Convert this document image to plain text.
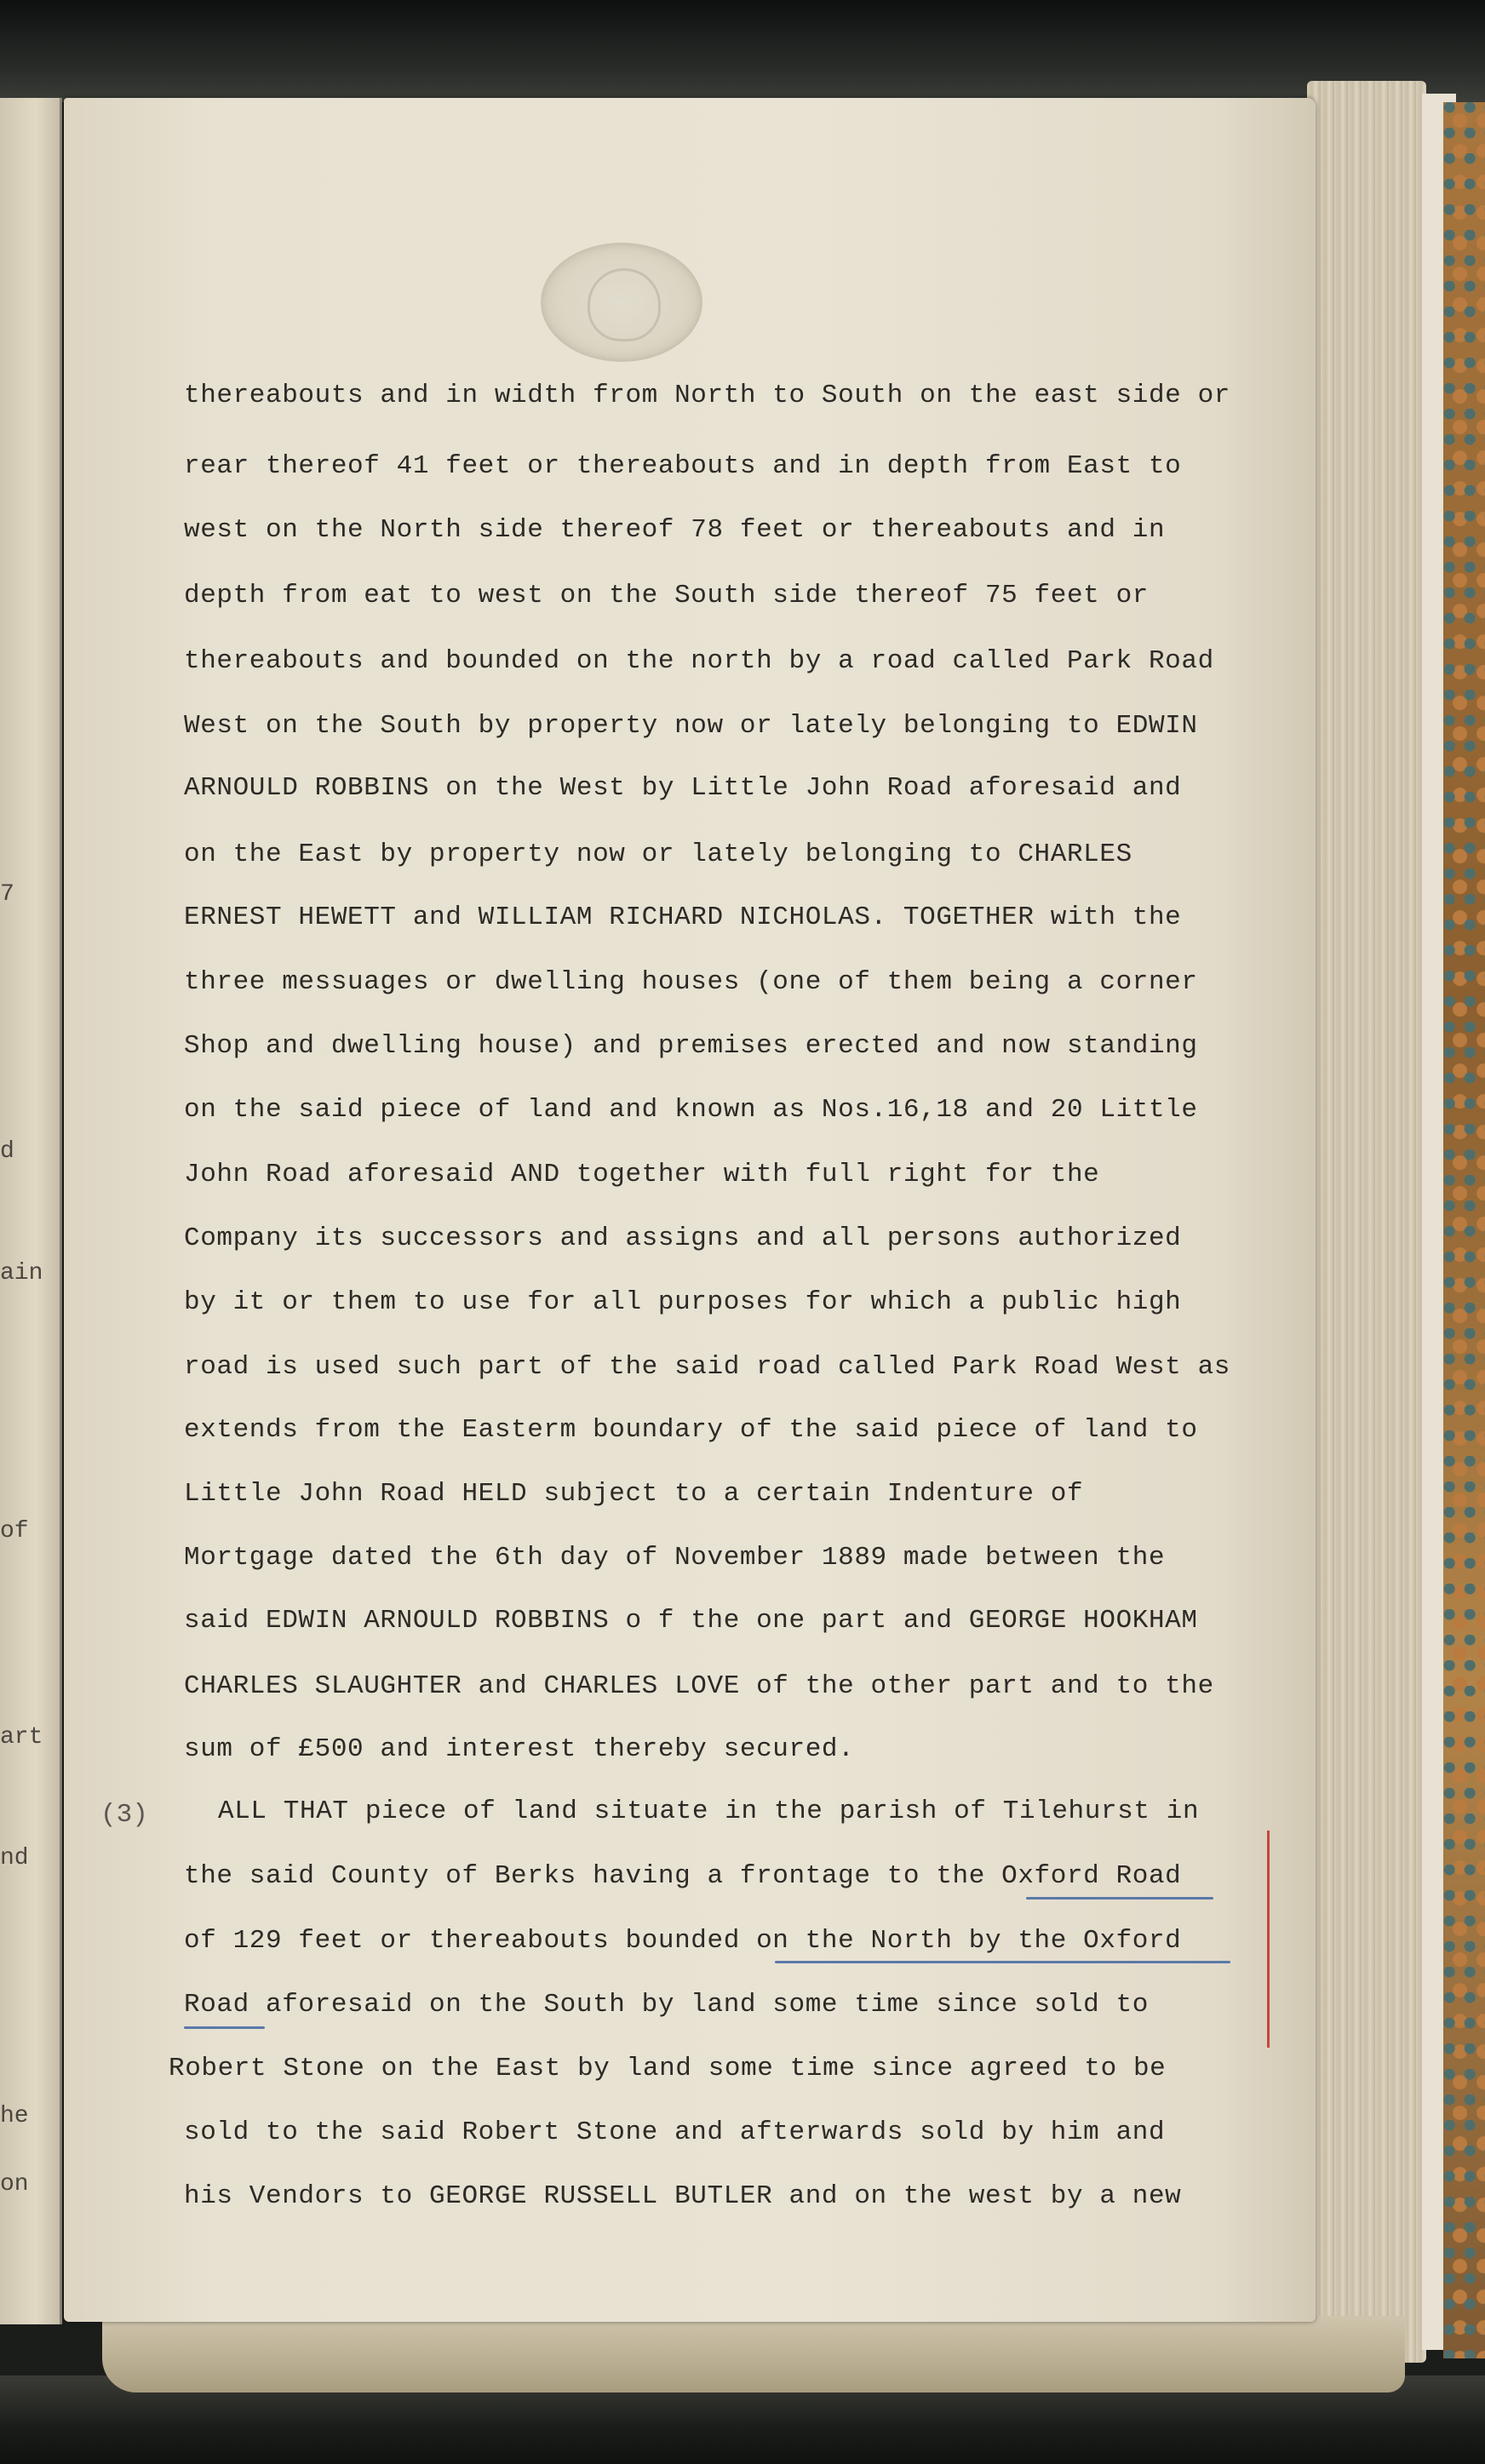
7
d
ain
of
art
nd
he
on
thereabouts and in width from North to South on the east side or
rear thereof 41 feet or thereabouts and in depth from East to
west on the North side thereof 78 feet or thereabouts and in
depth from eat to west on the South side thereof 75 feet or
thereabouts and bounded on the north by a road called Park Road
West on the South by property now or lately belonging to EDWIN
ARNOULD ROBBINS on the West by Little John Road aforesaid and
on the East by property now or lately belonging to CHARLES
ERNEST HEWETT and WILLIAM RICHARD NICHOLAS. TOGETHER with the
three messuages or dwelling houses (one of them being a corner
Shop and dwelling house) and premises erected and now standing
on the said piece of land and known as Nos.16,18 and 20 Little
John Road aforesaid AND together with full right for the
Company its successors and assigns and all persons authorized
by it or them to use for all purposes for which a public high
road is used such part of the said road called Park Road West as
extends from the Easterm boundary of the said piece of land to
Little John Road HELD subject to a certain Indenture of
Mortgage dated the 6th day of November 1889 made between the
said EDWIN ARNOULD ROBBINS o f the one part and GEORGE HOOKHAM
CHARLES SLAUGHTER and CHARLES LOVE of the other part and to the
sum of £500 and interest thereby secured.
(3)	ALL THAT piece of land situate in the parish of Tilehurst in
the said County of Berks having a frontage to the Oxford Road
of 129 feet or thereabouts bounded on the North by the Oxford
Road aforesaid on the South by land some time since sold to
Robert Stone on the East by land some time since agreed to be
sold to the said Robert Stone and afterwards sold by him and
his Vendors to GEORGE RUSSELL BUTLER and on the west by a new
